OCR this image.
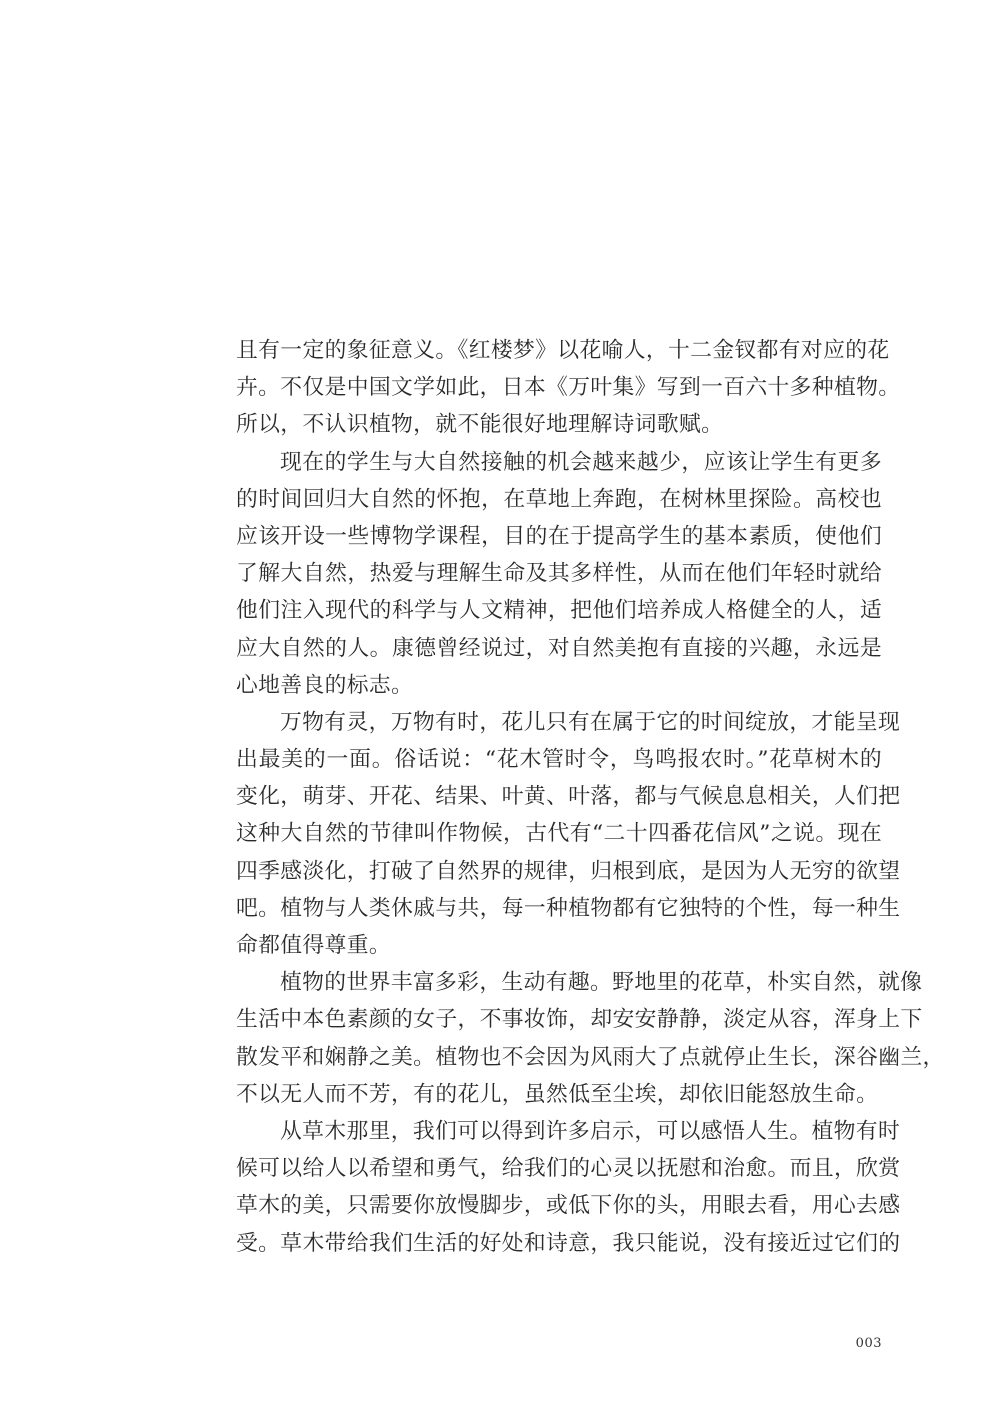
且有一定的象征意义。《红楼梦》以花喻人，十二金钗都有对应的花
卉。不仅是中国文学如此，日本《万叶集》写到一百六十多种植物。
所以，不认识植物，就不能很好地理解诗词歌赋。
现在的学生与大自然接触的机会越来越少，应该让学生有更多
的时间回归大自然的怀抱，在草地上奔跑，在树林里探险。高校也
应该开设一些博物学课程，目的在于提高学生的基本素质，使他们
了解大自然，热爱与理解生命及其多样性，从而在他们年轻时就给
他们注入现代的科学与人文精神，把他们培养成人格健全的人，适
应大自然的人。康德曾经说过，对自然美抱有直接的兴趣，永远是
心地善良的标志。
万物有灵，万物有时，花儿只有在属于它的时间绽放，才能呈现
出最美的一面。俗话说：“花木管时令，鸟鸣报农时。”花草树木的
变化，萌芽、开花、结果、叶黄、叶落，都与气候息息相关，人们把
这种大自然的节律叫作物候，古代有“二十四番花信风”之说。现在
四季感淡化，打破了自然界的规律，归根到底，是因为人无穷的欲望
吧。植物与人类休戚与共，每一种植物都有它独特的个性，每一种生
命都值得尊重。
植物的世界丰富多彩，生动有趣。野地里的花草，朴实自然，就像
生活中本色素颜的女子，不事妆饰，却安安静静，淡定从容，浑身上下
散发平和娴静之美。植物也不会因为风雨大了点就停止生长，深谷幽兰，
不以无人而不芳，有的花儿，虽然低至尘埃，却依旧能怒放生命。
从草木那里，我们可以得到许多启示，可以感悟人生。植物有时
候可以给人以希望和勇气，给我们的心灵以抚慰和治愈。而且，欣赏
草木的美，只需要你放慢脚步，或低下你的头，用眼去看，用心去感
受。草木带给我们生活的好处和诗意，我只能说，没有接近过它们的
003
